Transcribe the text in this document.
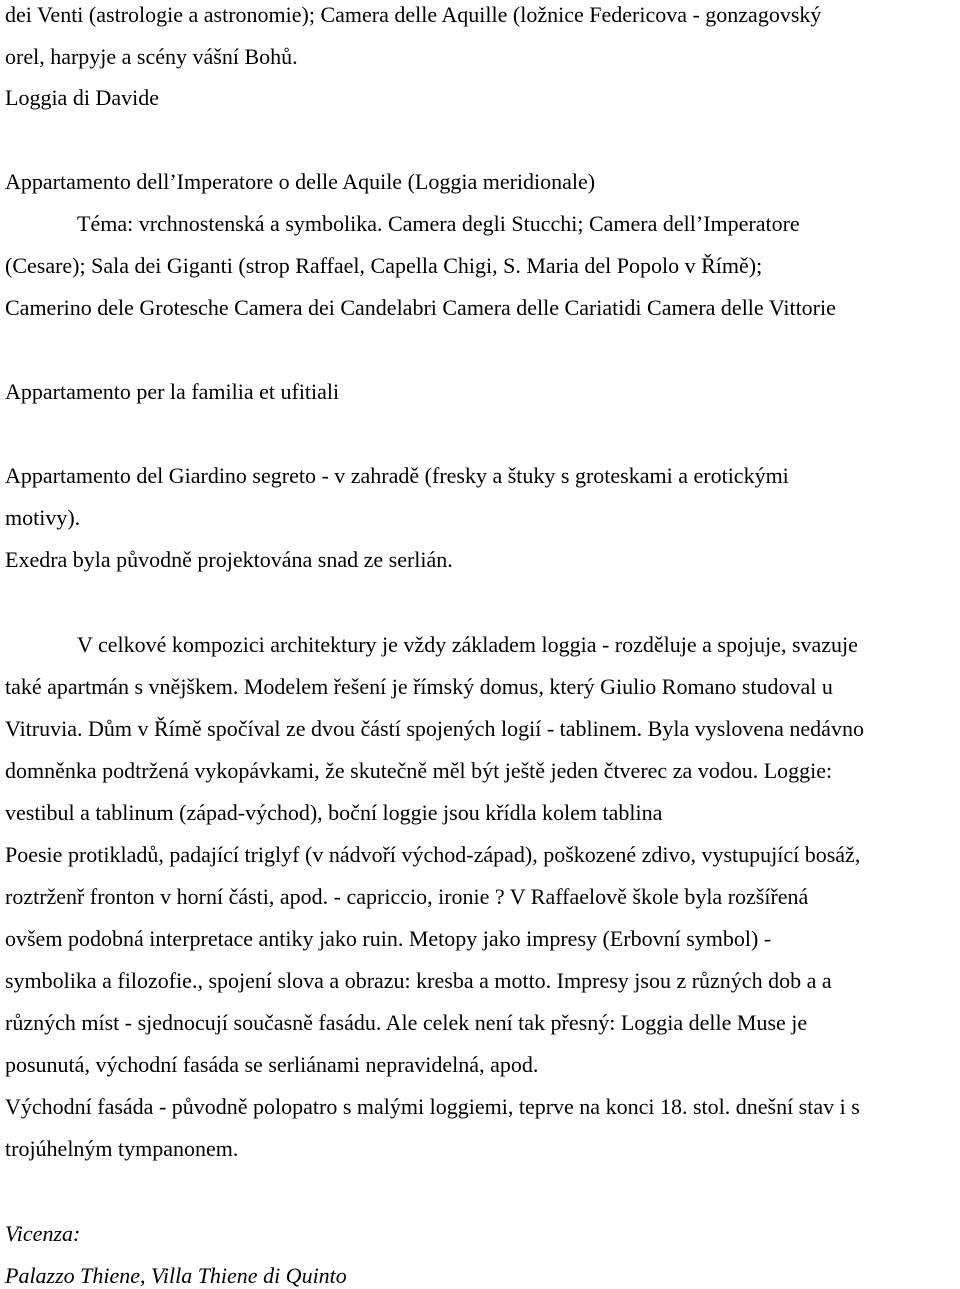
dei Venti (astrologie a astronomie); Camera delle Aquille (ložnice Federicova - gonzagovský

orel, harpyje a scény vášní Bohů.

Loggia di Davide

Appartamento dell’Imperatore o delle Aquile (Loggia meridionale)

Téma: vrchnostenská a symbolika. Camera degli Stucchi; Camera dell’Imperatore

(Cesare); Sala dei Giganti (strop Raffael, Capella Chigi, S. Maria del Popolo v Římě);

Camerino dele Grotesche Camera dei Candelabri Camera delle Cariatidi Camera delle Vittorie

Appartamento per la familia et ufitiali

Appartamento del Giardino segreto - v zahradě (fresky a štuky s groteskami a erotickými

motivy).

Exedra byla původně projektována snad ze serlián.

V celkové kompozici architektury je vždy základem loggia - rozděluje a spojuje, svazuje

také apartmán s vnějškem. Modelem řešení je římský domus, který Giulio Romano studoval u

Vitruvia. Dům v Římě spočíval ze dvou částí spojených logií - tablinem. Byla vyslovena nedávno

domněnka podtržená vykopávkami, že skutečně měl být ještě jeden čtverec za vodou. Loggie:

vestibul a tablinum (západ-východ), boční loggie jsou křídla kolem tablina

Poesie protikladů, padající triglyf (v nádvoří východ-západ), poškozené zdivo, vystupující bosáž,

roztrženř fronton v horní části, apod. - capriccio, ironie ? V Raffaelově škole byla rozšířená

ovšem podobná interpretace antiky jako ruin. Metopy jako impresy (Erbovní symbol) -

symbolika a filozofie., spojení slova a obrazu: kresba a motto. Impresy jsou z různých dob a a

různých míst - sjednocují současně fasádu. Ale celek není tak přesný: Loggia delle Muse je

posunutá, východní fasáda se serliánami nepravidelná, apod.

Východní fasáda - původně polopatro s malými loggiemi, teprve na konci 18. stol. dnešní stav i s

trojúhelným tympanonem.

Vicenza:

Palazzo Thiene, Villa Thiene di Quinto
